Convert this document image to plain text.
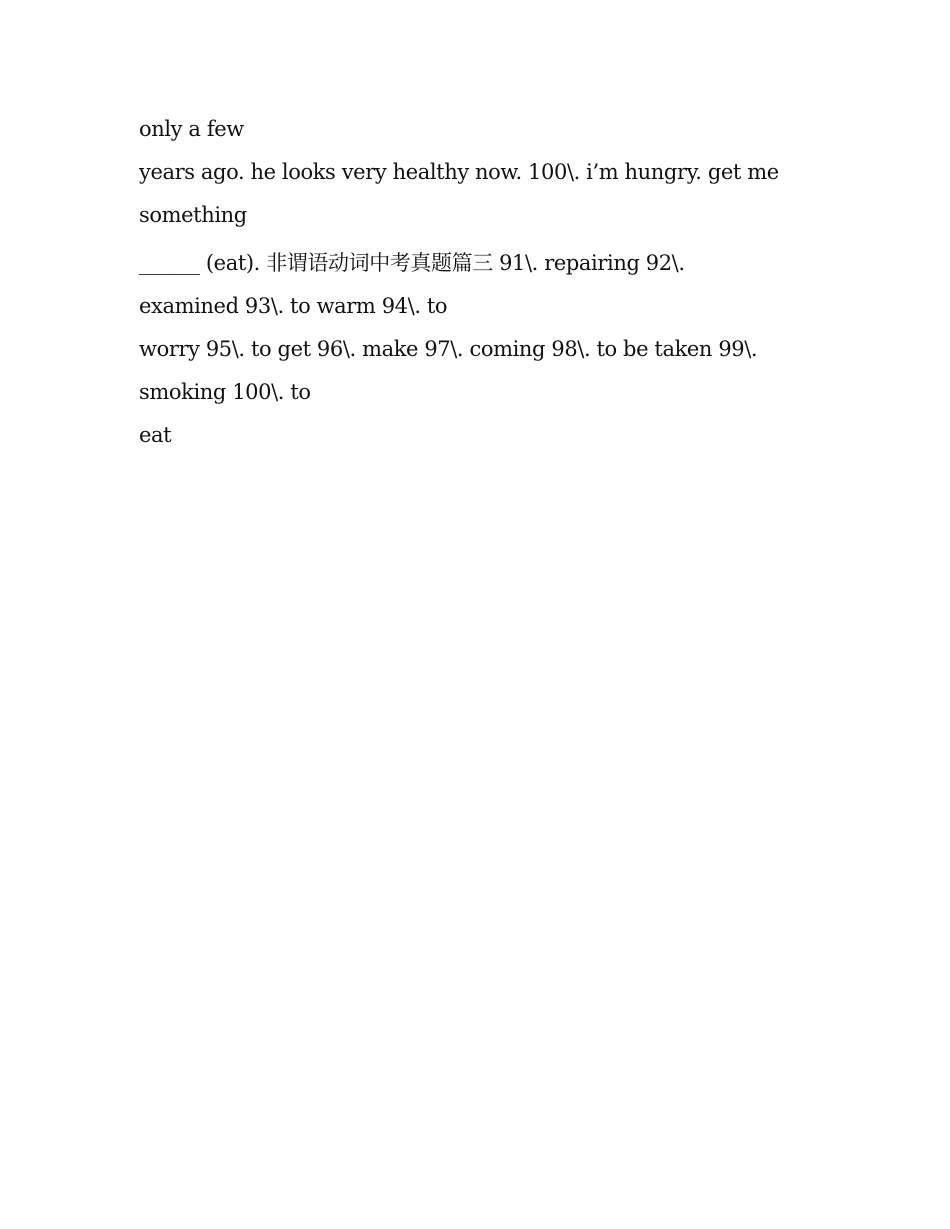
only a few

years ago. he looks very healthy now. 100\. i’m hungry. get me

something

______ (eat). 非谓语动词中考真题篇三 91\. repairing 92\.

examined 93\. to warm 94\. to

worry 95\. to get 96\. make 97\. coming 98\. to be taken 99\.

smoking 100\. to

eat
